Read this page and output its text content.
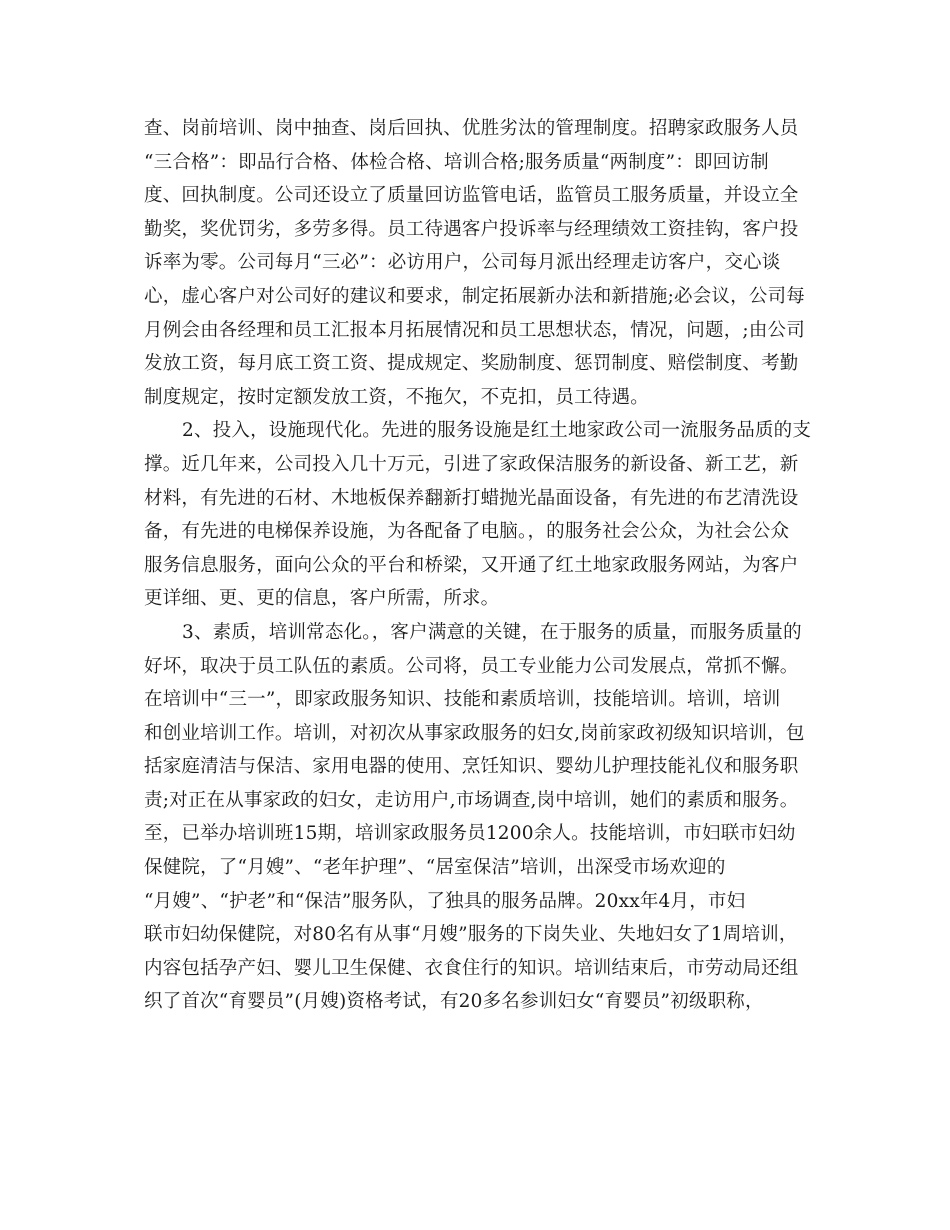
查、岗前培训、岗中抽查、岗后回执、优胜劣汰的管理制度。招聘家政服务人员
“三合格”：即品行合格、体检合格、培训合格;服务质量“两制度”：即回访制
度、回执制度。公司还设立了质量回访监管电话，监管员工服务质量，并设立全
勤奖，奖优罚劣，多劳多得。员工待遇客户投诉率与经理绩效工资挂钩，客户投
诉率为零。公司每月“三必”：必访用户，公司每月派出经理走访客户，交心谈
心，虚心客户对公司好的建议和要求，制定拓展新办法和新措施;必会议，公司每
月例会由各经理和员工汇报本月拓展情况和员工思想状态，情况，问题，;由公司
发放工资，每月底工资工资、提成规定、奖励制度、惩罚制度、赔偿制度、考勤
制度规定，按时定额发放工资，不拖欠，不克扣，员工待遇。
2、投入，设施现代化。先进的服务设施是红土地家政公司一流服务品质的支
撑。近几年来，公司投入几十万元，引进了家政保洁服务的新设备、新工艺，新
材料，有先进的石材、木地板保养翻新打蜡抛光晶面设备，有先进的布艺清洗设
备，有先进的电梯保养设施，为各配备了电脑。，的服务社会公众，为社会公众
服务信息服务，面向公众的平台和桥梁，又开通了红土地家政服务网站，为客户
更详细、更、更的信息，客户所需，所求。
3、素质，培训常态化。，客户满意的关键，在于服务的质量，而服务质量的
好坏，取决于员工队伍的素质。公司将，员工专业能力公司发展点，常抓不懈。
在培训中“三一”，即家政服务知识、技能和素质培训，技能培训。培训，培训
和创业培训工作。培训，对初次从事家政服务的妇女,岗前家政初级知识培训，包
括家庭清洁与保洁、家用电器的使用、烹饪知识、婴幼儿护理技能礼仪和服务职
责;对正在从事家政的妇女，走访用户,市场调查,岗中培训，她们的素质和服务。
至，已举办培训班15期，培训家政服务员1200余人。技能培训，市妇联市妇幼
保健院，了“月嫂”、“老年护理”、“居室保洁”培训，出深受市场欢迎的
“月嫂”、“护老”和“保洁”服务队，了独具的服务品牌。20xx年4月，市妇
联市妇幼保健院，对80名有从事“月嫂”服务的下岗失业、失地妇女了1周培训，
内容包括孕产妇、婴儿卫生保健、衣食住行的知识。培训结束后，市劳动局还组
织了首次“育婴员”(月嫂)资格考试，有20多名参训妇女“育婴员”初级职称，
